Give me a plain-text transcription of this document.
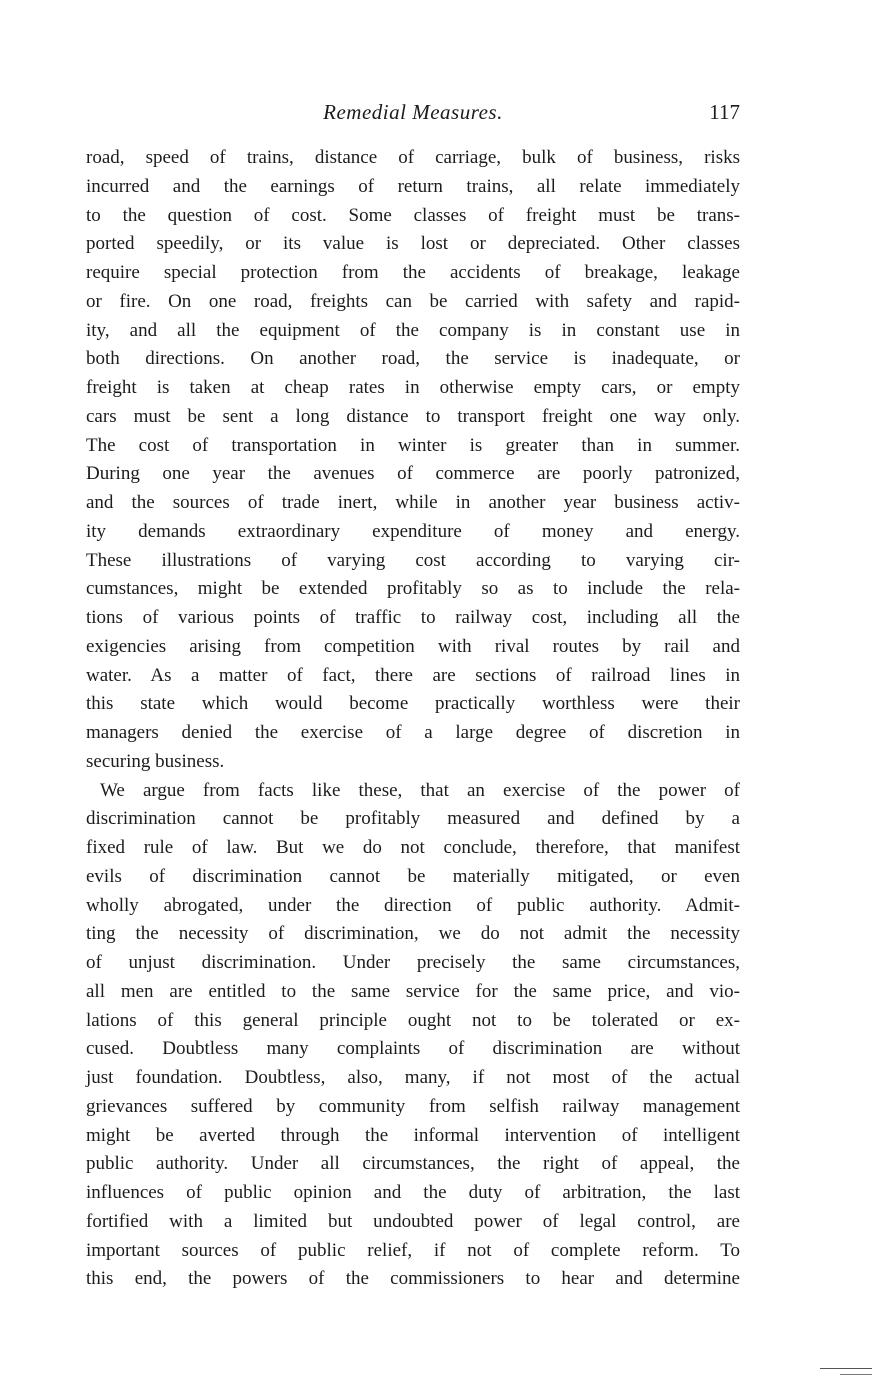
Remedial Measures.	117
road, speed of trains, distance of carriage, bulk of business, risks
incurred and the earnings of return trains, all relate immediately
to the question of cost. Some classes of freight must be trans-
ported speedily, or its value is lost or depreciated. Other classes
require special protection from the accidents of breakage, leakage
or fire. On one road, freights can be carried with safety and rapid-
ity, and all the equipment of the company is in constant use in
both directions. On another road, the service is inadequate, or
freight is taken at cheap rates in otherwise empty cars, or empty
cars must be sent a long distance to transport freight one way only.
The cost of transportation in winter is greater than in summer.
During one year the avenues of commerce are poorly patronized,
and the sources of trade inert, while in another year business activ-
ity demands extraordinary expenditure of money and energy.
These illustrations of varying cost according to varying cir-
cumstances, might be extended profitably so as to include the rela-
tions of various points of traffic to railway cost, including all the
exigencies arising from competition with rival routes by rail and
water. As a matter of fact, there are sections of railroad lines in
this state which would become practically worthless were their
managers denied the exercise of a large degree of discretion in
securing business.
We argue from facts like these, that an exercise of the power of
discrimination cannot be profitably measured and defined by a
fixed rule of law. But we do not conclude, therefore, that manifest
evils of discrimination cannot be materially mitigated, or even
wholly abrogated, under the direction of public authority. Admit-
ting the necessity of discrimination, we do not admit the necessity
of unjust discrimination. Under precisely the same circumstances,
all men are entitled to the same service for the same price, and vio-
lations of this general principle ought not to be tolerated or ex-
cused. Doubtless many complaints of discrimination are without
just foundation. Doubtless, also, many, if not most of the actual
grievances suffered by community from selfish railway management
might be averted through the informal intervention of intelligent
public authority. Under all circumstances, the right of appeal, the
influences of public opinion and the duty of arbitration, the last
fortified with a limited but undoubted power of legal control, are
important sources of public relief, if not of complete reform. To
this end, the powers of the commissioners to hear and determine
